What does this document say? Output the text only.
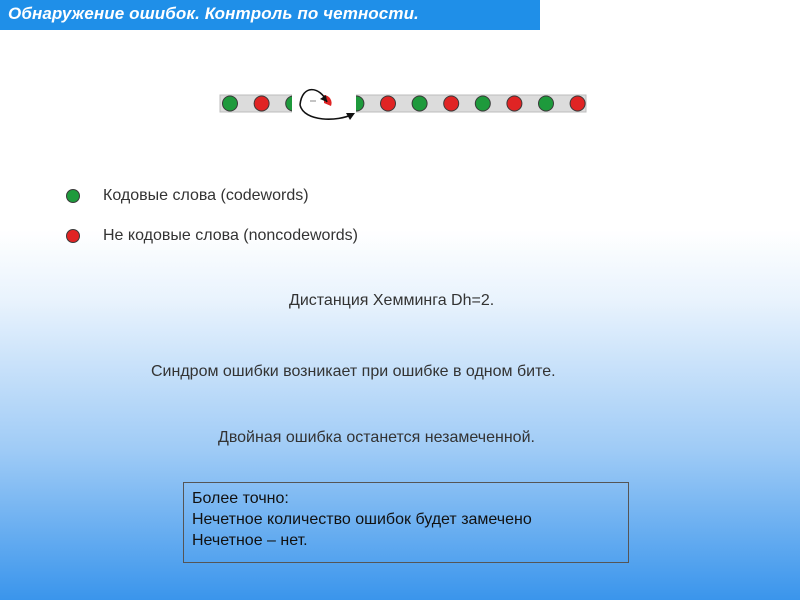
Обнаружение ошибок. Контроль по четности.
Кодовые слова (codewords)
Не кодовые слова (noncodewords)
Дистанция Хемминга Dh=2.
Синдром ошибки возникает при ошибке в одном бите.
Двойная ошибка останется незамеченной.
Более точно:
Нечетное количество ошибок будет замечено
Нечетное – нет.
